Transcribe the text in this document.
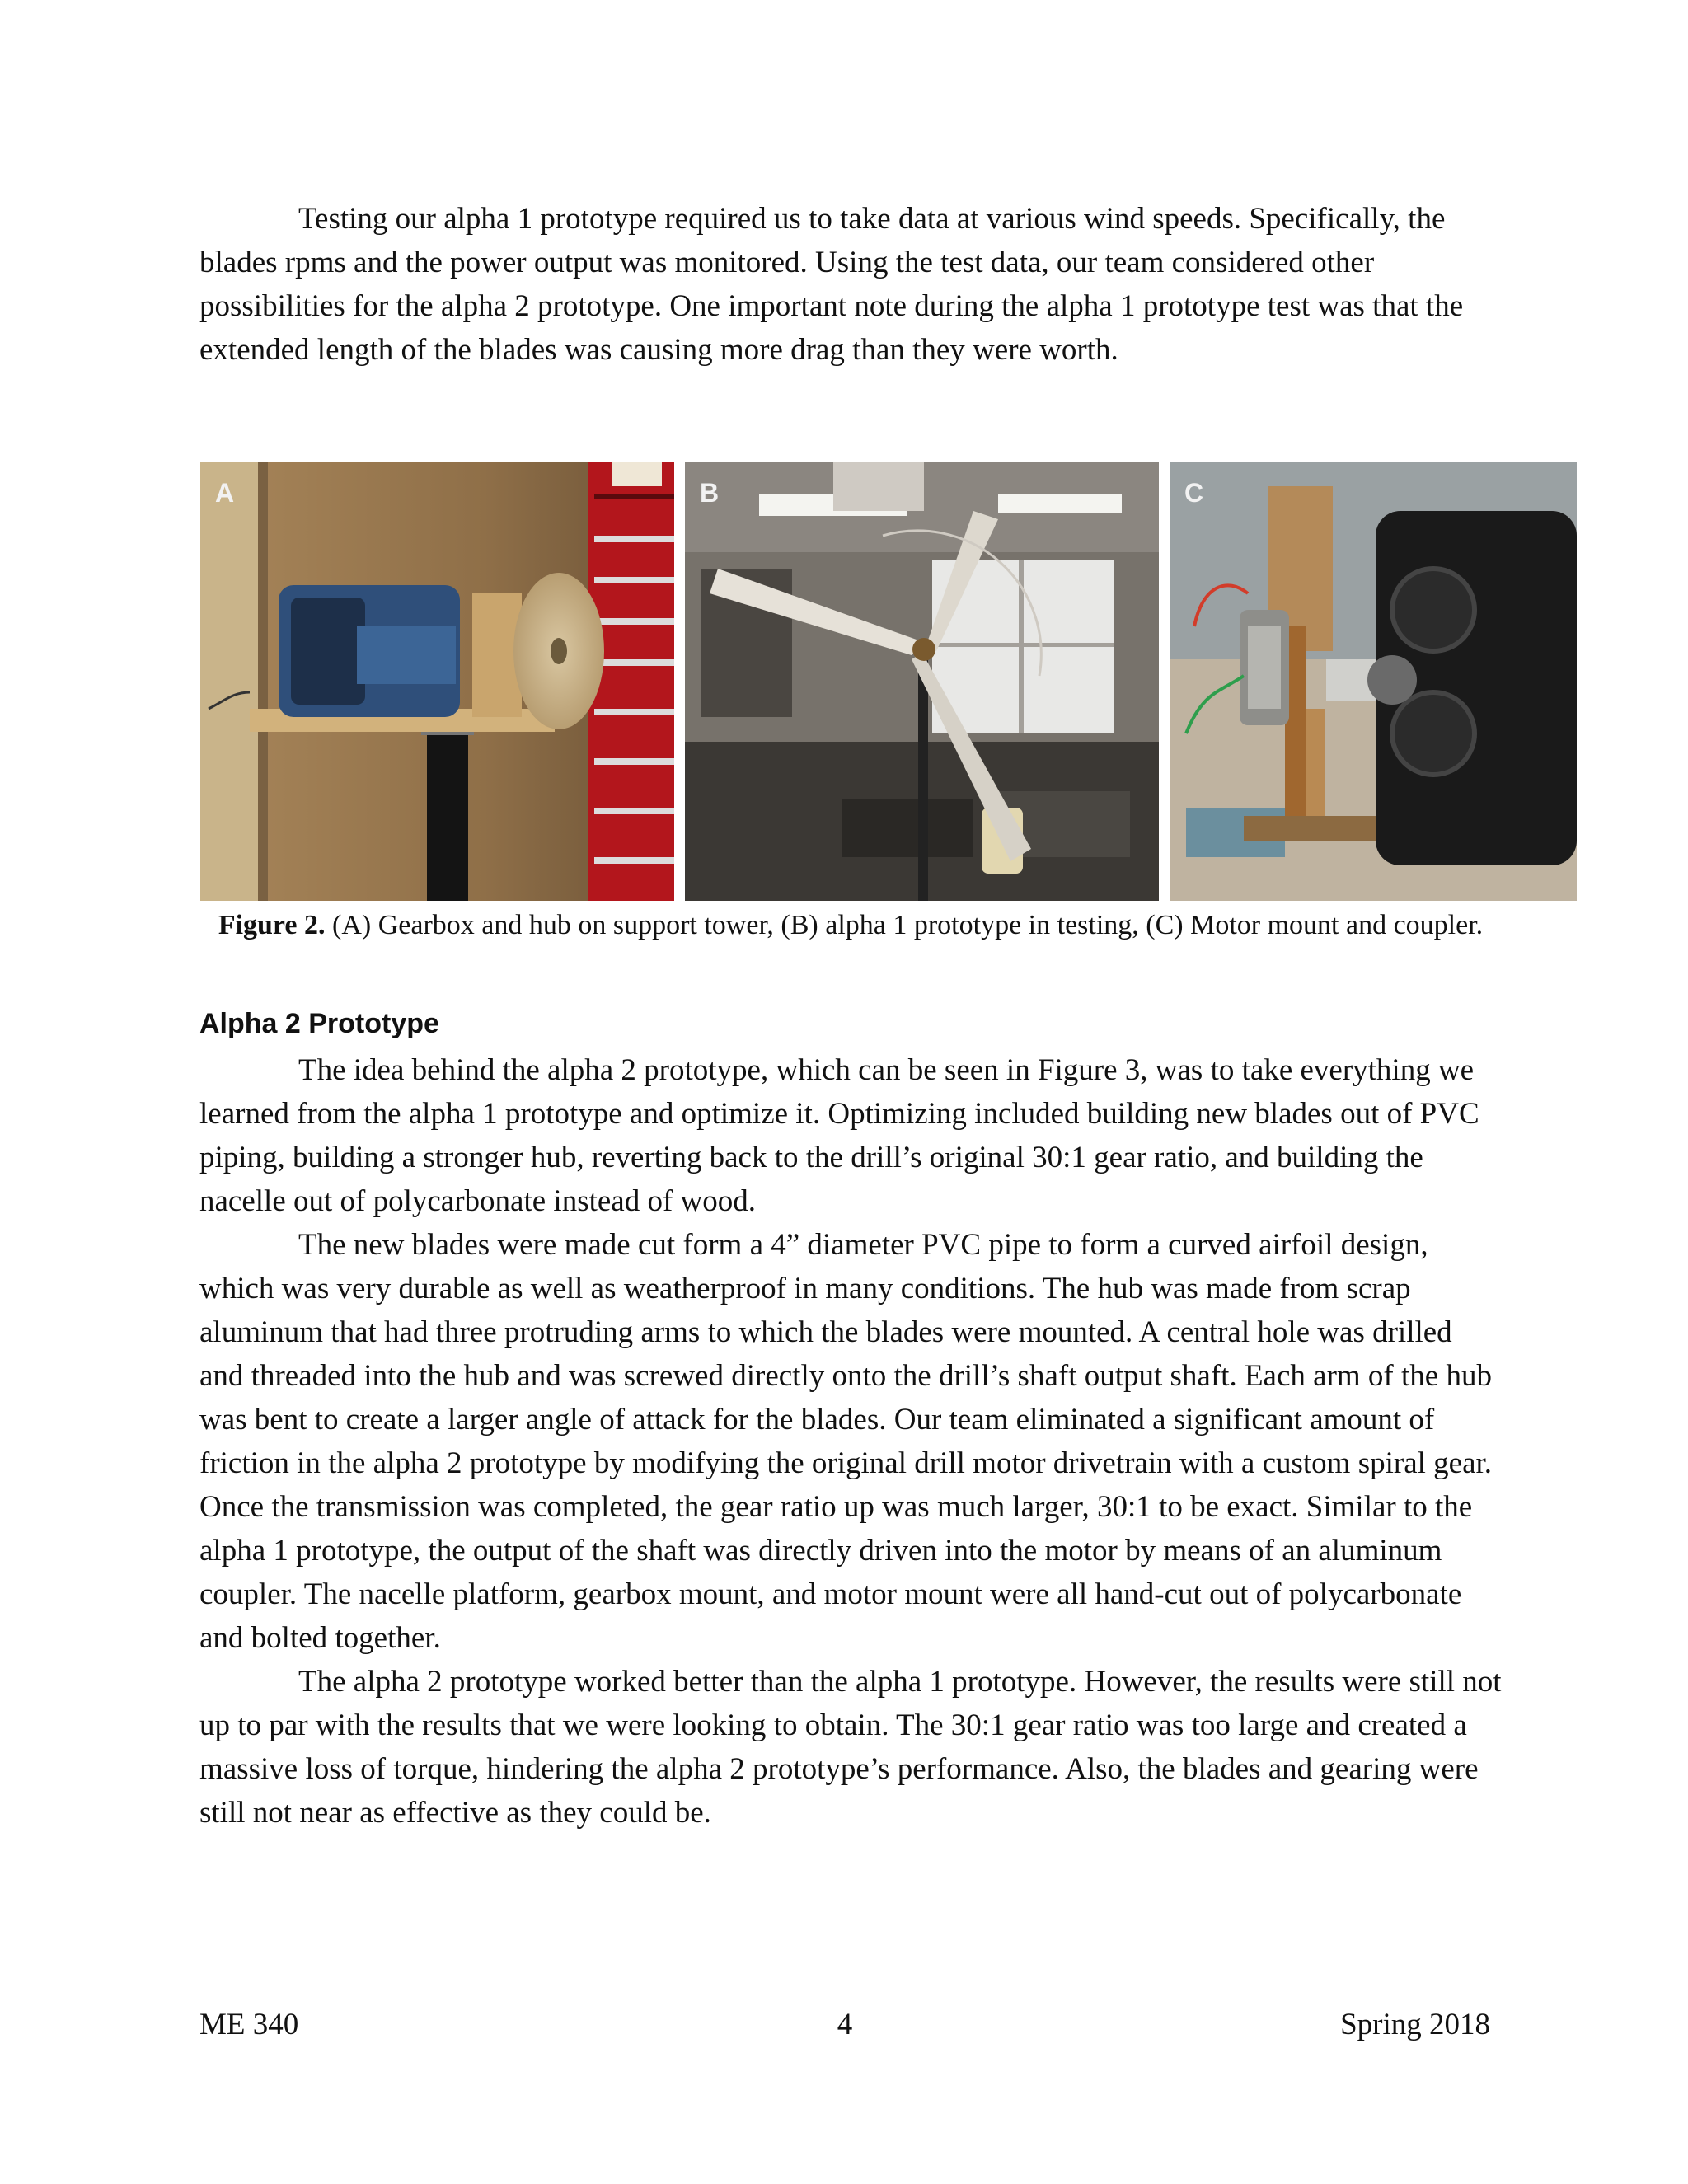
Testing our alpha 1 prototype required us to take data at various wind speeds. Specifically, the blades rpms and the power output was monitored. Using the test data, our team considered other possibilities for the alpha 2 prototype. One important note during the alpha 1 prototype test was that the extended length of the blades was causing more drag than they were worth.

A	B	C
Figure 2. (A) Gearbox and hub on support tower, (B) alpha 1 prototype in testing, (C) Motor mount and coupler.
Alpha 2 Prototype

The idea behind the alpha 2 prototype, which can be seen in Figure 3, was to take everything we learned from the alpha 1 prototype and optimize it. Optimizing included building new blades out of PVC piping, building a stronger hub, reverting back to the drill’s original 30:1 gear ratio, and building the nacelle out of polycarbonate instead of wood.

The new blades were made cut form a 4” diameter PVC pipe to form a curved airfoil design, which was very durable as well as weatherproof in many conditions. The hub was made from scrap aluminum that had three protruding arms to which the blades were mounted. A central hole was drilled and threaded into the hub and was screwed directly onto the drill’s shaft output shaft. Each arm of the hub was bent to create a larger angle of attack for the blades. Our team eliminated a significant amount of friction in the alpha 2 prototype by modifying the original drill motor drivetrain with a custom spiral gear. Once the transmission was completed, the gear ratio up was much larger, 30:1 to be exact. Similar to the alpha 1 prototype, the output of the shaft was directly driven into the motor by means of an aluminum coupler. The nacelle platform, gearbox mount, and motor mount were all hand-cut out of polycarbonate and bolted together.

The alpha 2 prototype worked better than the alpha 1 prototype. However, the results were still not up to par with the results that we were looking to obtain. The 30:1 gear ratio was too large and created a massive loss of torque, hindering the alpha 2 prototype’s performance. Also, the blades and gearing were still not near as effective as they could be.

ME 340	4	Spring 2018
